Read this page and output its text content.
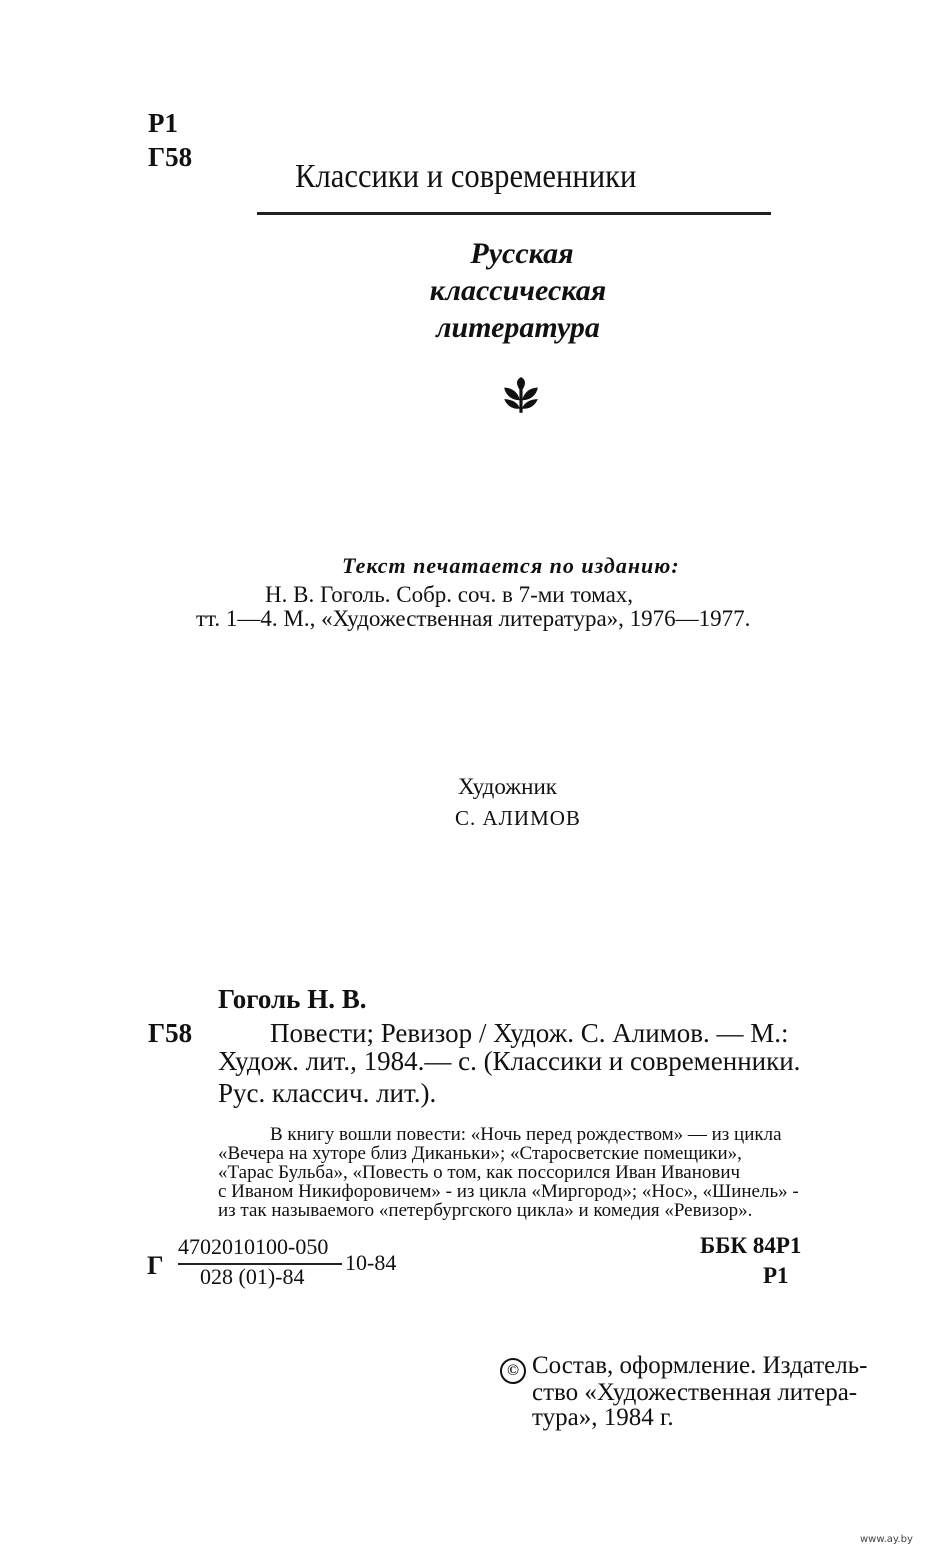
Р1
Г58
Классики и современники
Русская
классическая
литература
Текст печатается по изданию:
Н. В. Гоголь. Собр. соч. в 7-ми томах,
тт. 1—4. М., «Художественная литература», 1976—1977.
Художник
С. АЛИМОВ
Гоголь Н. В.
Г58	Повести; Ревизор / Худож. С. Алимов. — М.:
Худож. лит., 1984.— с. (Классики и современники.
Рус. классич. лит.).
В книгу вошли повести: «Ночь перед рождеством» — из цикла
«Вечера на хуторе близ Диканьки»; «Старосветские помещики»,
«Тарас Бульба», «Повесть о том, как поссорился Иван Иванович
с Иваном Никифоровичем» - из цикла «Миргород»; «Нос», «Шинель» -
из так называемого «петербургского цикла» и комедия «Ревизор».
Г
4702010100-050
028 (01)-84
10-84
ББК 84Р1
Р1
© Состав, оформление. Издатель-
ство «Художественная литера-
тура», 1984 г.
www.ay.by
